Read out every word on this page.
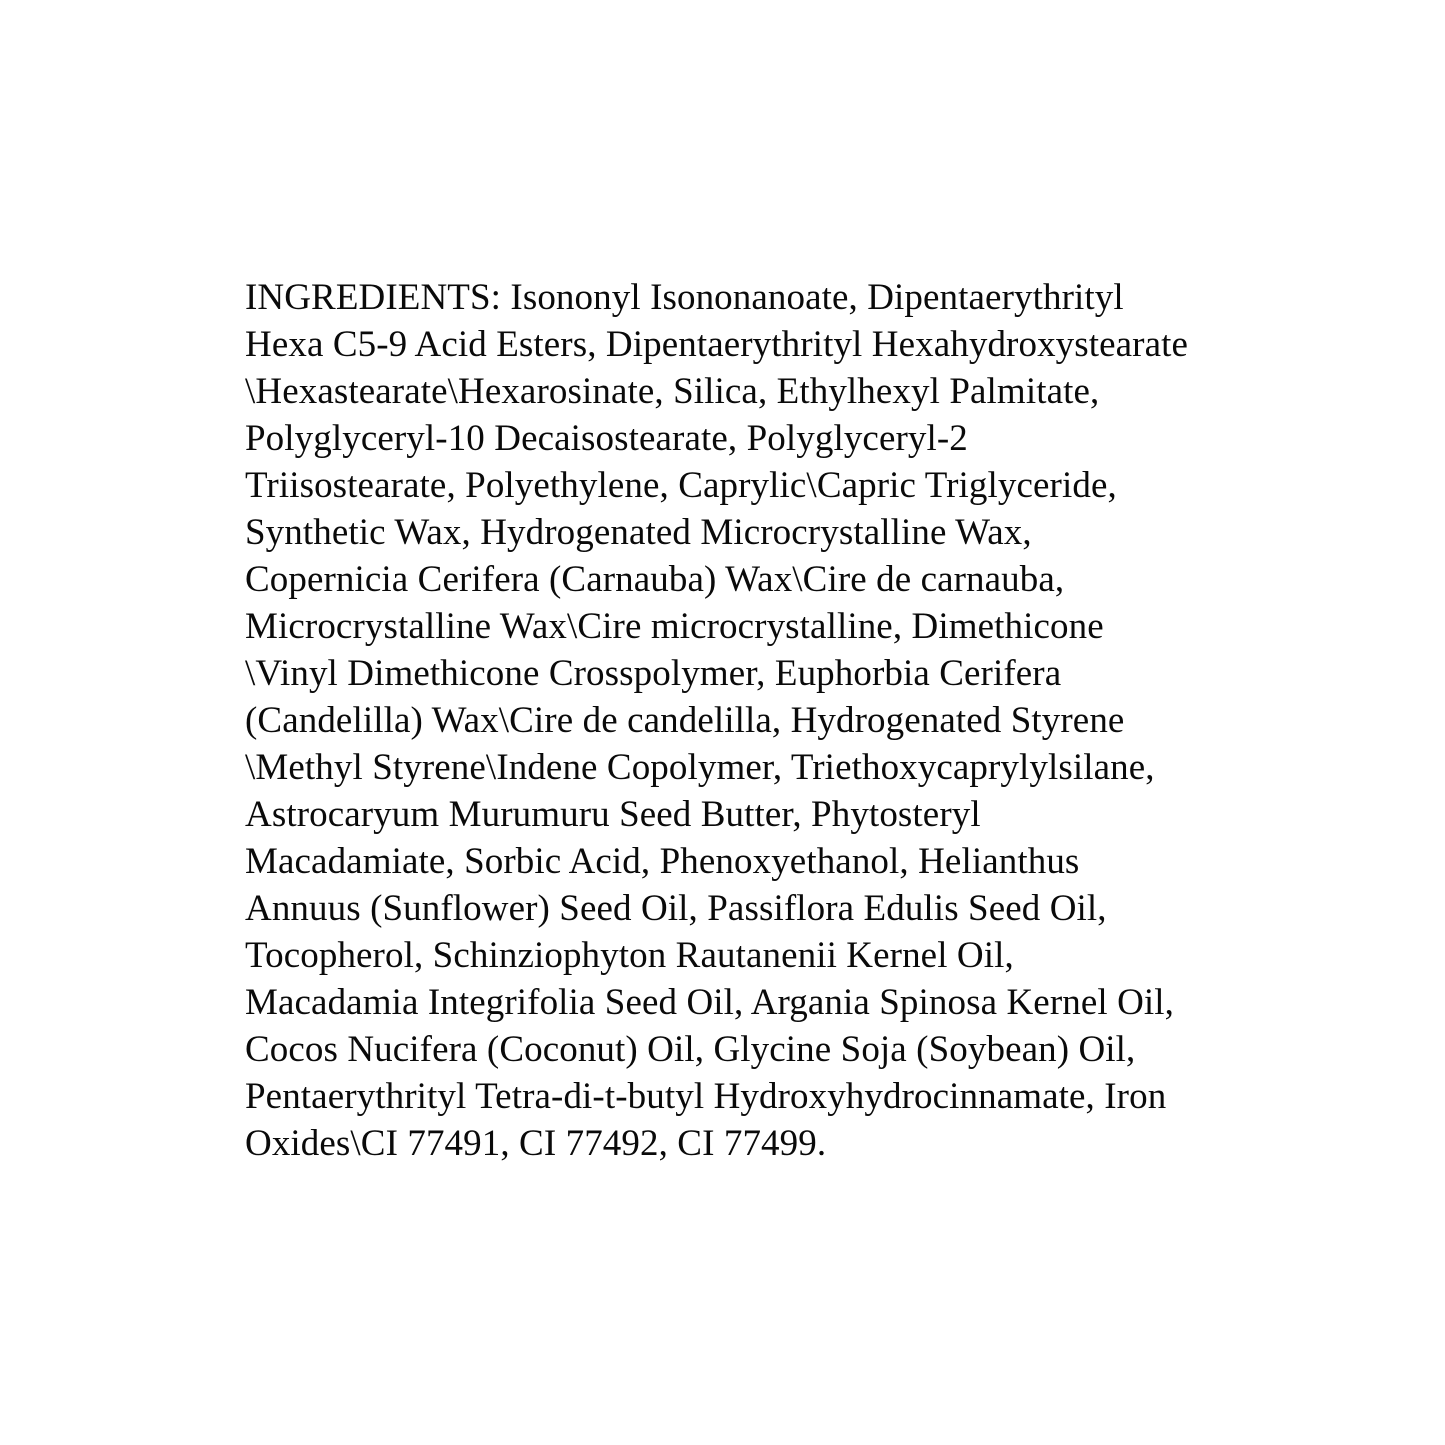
INGREDIENTS: Isononyl Isononanoate, Dipentaerythrityl
Hexa C5-9 Acid Esters, Dipentaerythrityl Hexahydroxystearate
\Hexastearate\Hexarosinate, Silica, Ethylhexyl Palmitate,
Polyglyceryl-10 Decaisostearate, Polyglyceryl-2
Triisostearate, Polyethylene, Caprylic\Capric Triglyceride,
Synthetic Wax, Hydrogenated Microcrystalline Wax,
Copernicia Cerifera (Carnauba) Wax\Cire de carnauba,
Microcrystalline Wax\Cire microcrystalline, Dimethicone
\Vinyl Dimethicone Crosspolymer, Euphorbia Cerifera
(Candelilla) Wax\Cire de candelilla, Hydrogenated Styrene
\Methyl Styrene\Indene Copolymer, Triethoxycaprylylsilane,
Astrocaryum Murumuru Seed Butter, Phytosteryl
Macadamiate, Sorbic Acid, Phenoxyethanol, Helianthus
Annuus (Sunflower) Seed Oil, Passiflora Edulis Seed Oil,
Tocopherol, Schinziophyton Rautanenii Kernel Oil,
Macadamia Integrifolia Seed Oil, Argania Spinosa Kernel Oil,
Cocos Nucifera (Coconut) Oil, Glycine Soja (Soybean) Oil,
Pentaerythrityl Tetra-di-t-butyl Hydroxyhydrocinnamate, Iron
Oxides\CI 77491, CI 77492, CI 77499.
